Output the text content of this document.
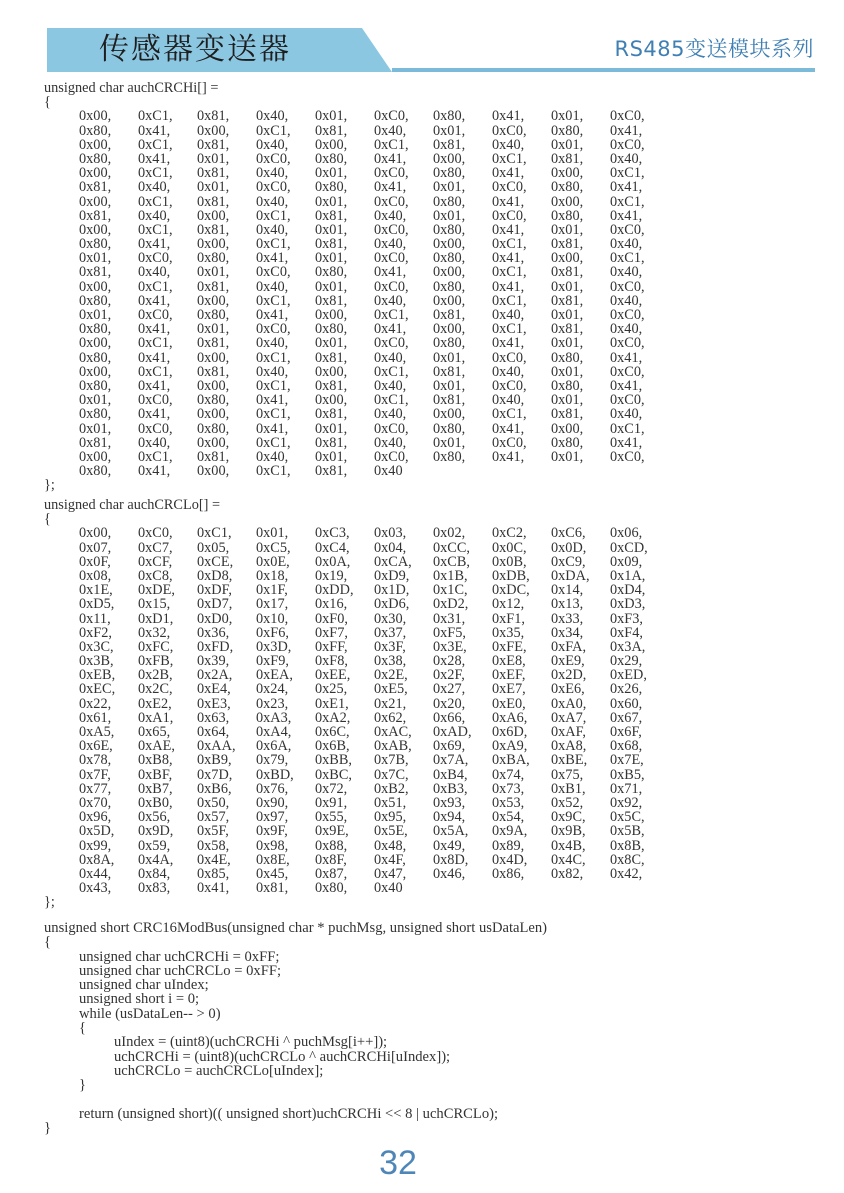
传感器变送器	RS485变送模块系列
unsigned char auchCRCHi[] =
{
0x00,	0xC1,	0x81,	0x40,	0x01,	0xC0,	0x80,	0x41,	0x01,	0xC0,
0x80,	0x41,	0x00,	0xC1,	0x81,	0x40,	0x01,	0xC0,	0x80,	0x41,
0x00,	0xC1,	0x81,	0x40,	0x00,	0xC1,	0x81,	0x40,	0x01,	0xC0,
0x80,	0x41,	0x01,	0xC0,	0x80,	0x41,	0x00,	0xC1,	0x81,	0x40,
0x00,	0xC1,	0x81,	0x40,	0x01,	0xC0,	0x80,	0x41,	0x00,	0xC1,
0x81,	0x40,	0x01,	0xC0,	0x80,	0x41,	0x01,	0xC0,	0x80,	0x41,
0x00,	0xC1,	0x81,	0x40,	0x01,	0xC0,	0x80,	0x41,	0x00,	0xC1,
0x81,	0x40,	0x00,	0xC1,	0x81,	0x40,	0x01,	0xC0,	0x80,	0x41,
0x00,	0xC1,	0x81,	0x40,	0x01,	0xC0,	0x80,	0x41,	0x01,	0xC0,
0x80,	0x41,	0x00,	0xC1,	0x81,	0x40,	0x00,	0xC1,	0x81,	0x40,
0x01,	0xC0,	0x80,	0x41,	0x01,	0xC0,	0x80,	0x41,	0x00,	0xC1,
0x81,	0x40,	0x01,	0xC0,	0x80,	0x41,	0x00,	0xC1,	0x81,	0x40,
0x00,	0xC1,	0x81,	0x40,	0x01,	0xC0,	0x80,	0x41,	0x01,	0xC0,
0x80,	0x41,	0x00,	0xC1,	0x81,	0x40,	0x00,	0xC1,	0x81,	0x40,
0x01,	0xC0,	0x80,	0x41,	0x00,	0xC1,	0x81,	0x40,	0x01,	0xC0,
0x80,	0x41,	0x01,	0xC0,	0x80,	0x41,	0x00,	0xC1,	0x81,	0x40,
0x00,	0xC1,	0x81,	0x40,	0x01,	0xC0,	0x80,	0x41,	0x01,	0xC0,
0x80,	0x41,	0x00,	0xC1,	0x81,	0x40,	0x01,	0xC0,	0x80,	0x41,
0x00,	0xC1,	0x81,	0x40,	0x00,	0xC1,	0x81,	0x40,	0x01,	0xC0,
0x80,	0x41,	0x00,	0xC1,	0x81,	0x40,	0x01,	0xC0,	0x80,	0x41,
0x01,	0xC0,	0x80,	0x41,	0x00,	0xC1,	0x81,	0x40,	0x01,	0xC0,
0x80,	0x41,	0x00,	0xC1,	0x81,	0x40,	0x00,	0xC1,	0x81,	0x40,
0x01,	0xC0,	0x80,	0x41,	0x01,	0xC0,	0x80,	0x41,	0x00,	0xC1,
0x81,	0x40,	0x00,	0xC1,	0x81,	0x40,	0x01,	0xC0,	0x80,	0x41,
0x00,	0xC1,	0x81,	0x40,	0x01,	0xC0,	0x80,	0x41,	0x01,	0xC0,
0x80,	0x41,	0x00,	0xC1,	0x81,	0x40
};
unsigned char auchCRCLo[] =
{
0x00,	0xC0,	0xC1,	0x01,	0xC3,	0x03,	0x02,	0xC2,	0xC6,	0x06,
0x07,	0xC7,	0x05,	0xC5,	0xC4,	0x04,	0xCC,	0x0C,	0x0D,	0xCD,
0x0F,	0xCF,	0xCE,	0x0E,	0x0A,	0xCA,	0xCB,	0x0B,	0xC9,	0x09,
0x08,	0xC8,	0xD8,	0x18,	0x19,	0xD9,	0x1B,	0xDB,	0xDA,	0x1A,
0x1E,	0xDE,	0xDF,	0x1F,	0xDD,	0x1D,	0x1C,	0xDC,	0x14,	0xD4,
0xD5,	0x15,	0xD7,	0x17,	0x16,	0xD6,	0xD2,	0x12,	0x13,	0xD3,
0x11,	0xD1,	0xD0,	0x10,	0xF0,	0x30,	0x31,	0xF1,	0x33,	0xF3,
0xF2,	0x32,	0x36,	0xF6,	0xF7,	0x37,	0xF5,	0x35,	0x34,	0xF4,
0x3C,	0xFC,	0xFD,	0x3D,	0xFF,	0x3F,	0x3E,	0xFE,	0xFA,	0x3A,
0x3B,	0xFB,	0x39,	0xF9,	0xF8,	0x38,	0x28,	0xE8,	0xE9,	0x29,
0xEB,	0x2B,	0x2A,	0xEA,	0xEE,	0x2E,	0x2F,	0xEF,	0x2D,	0xED,
0xEC,	0x2C,	0xE4,	0x24,	0x25,	0xE5,	0x27,	0xE7,	0xE6,	0x26,
0x22,	0xE2,	0xE3,	0x23,	0xE1,	0x21,	0x20,	0xE0,	0xA0,	0x60,
0x61,	0xA1,	0x63,	0xA3,	0xA2,	0x62,	0x66,	0xA6,	0xA7,	0x67,
0xA5,	0x65,	0x64,	0xA4,	0x6C,	0xAC,	0xAD,	0x6D,	0xAF,	0x6F,
0x6E,	0xAE,	0xAA,	0x6A,	0x6B,	0xAB,	0x69,	0xA9,	0xA8,	0x68,
0x78,	0xB8,	0xB9,	0x79,	0xBB,	0x7B,	0x7A,	0xBA,	0xBE,	0x7E,
0x7F,	0xBF,	0x7D,	0xBD,	0xBC,	0x7C,	0xB4,	0x74,	0x75,	0xB5,
0x77,	0xB7,	0xB6,	0x76,	0x72,	0xB2,	0xB3,	0x73,	0xB1,	0x71,
0x70,	0xB0,	0x50,	0x90,	0x91,	0x51,	0x93,	0x53,	0x52,	0x92,
0x96,	0x56,	0x57,	0x97,	0x55,	0x95,	0x94,	0x54,	0x9C,	0x5C,
0x5D,	0x9D,	0x5F,	0x9F,	0x9E,	0x5E,	0x5A,	0x9A,	0x9B,	0x5B,
0x99,	0x59,	0x58,	0x98,	0x88,	0x48,	0x49,	0x89,	0x4B,	0x8B,
0x8A,	0x4A,	0x4E,	0x8E,	0x8F,	0x4F,	0x8D,	0x4D,	0x4C,	0x8C,
0x44,	0x84,	0x85,	0x45,	0x87,	0x47,	0x46,	0x86,	0x82,	0x42,
0x43,	0x83,	0x41,	0x81,	0x80,	0x40
};
unsigned short CRC16ModBus(unsigned char * puchMsg, unsigned short usDataLen)
{
unsigned char uchCRCHi = 0xFF;
unsigned char uchCRCLo = 0xFF;
unsigned char uIndex;
unsigned short i = 0;
while (usDataLen-- > 0)
{
uIndex = (uint8)(uchCRCHi ^ puchMsg[i++]);
uchCRCHi = (uint8)(uchCRCLo ^ auchCRCHi[uIndex]);
uchCRCLo = auchCRCLo[uIndex];
}

return (unsigned short)(( unsigned short)uchCRCHi << 8 | uchCRCLo);
}
32
